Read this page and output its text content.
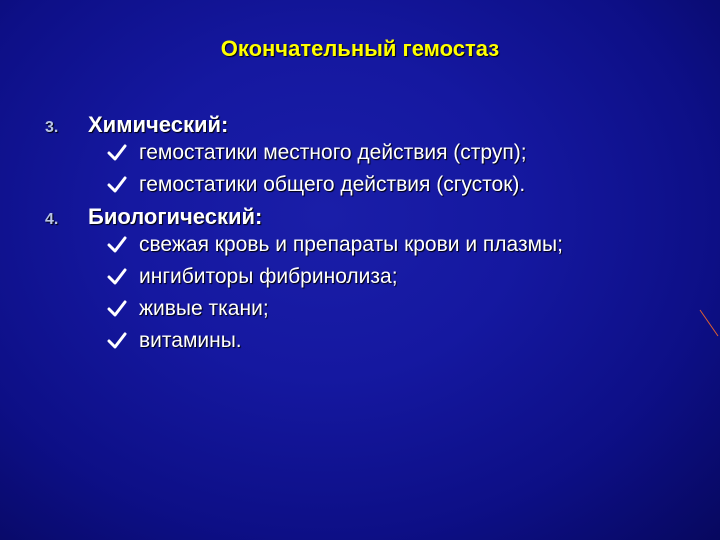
Окончательный гемостаз
3.	Химический:
гемостатики местного действия (струп);
гемостатики общего действия (сгусток).
4.	Биологический:
свежая кровь и препараты крови и плазмы;
ингибиторы фибринолиза;
живые ткани;
витамины.
